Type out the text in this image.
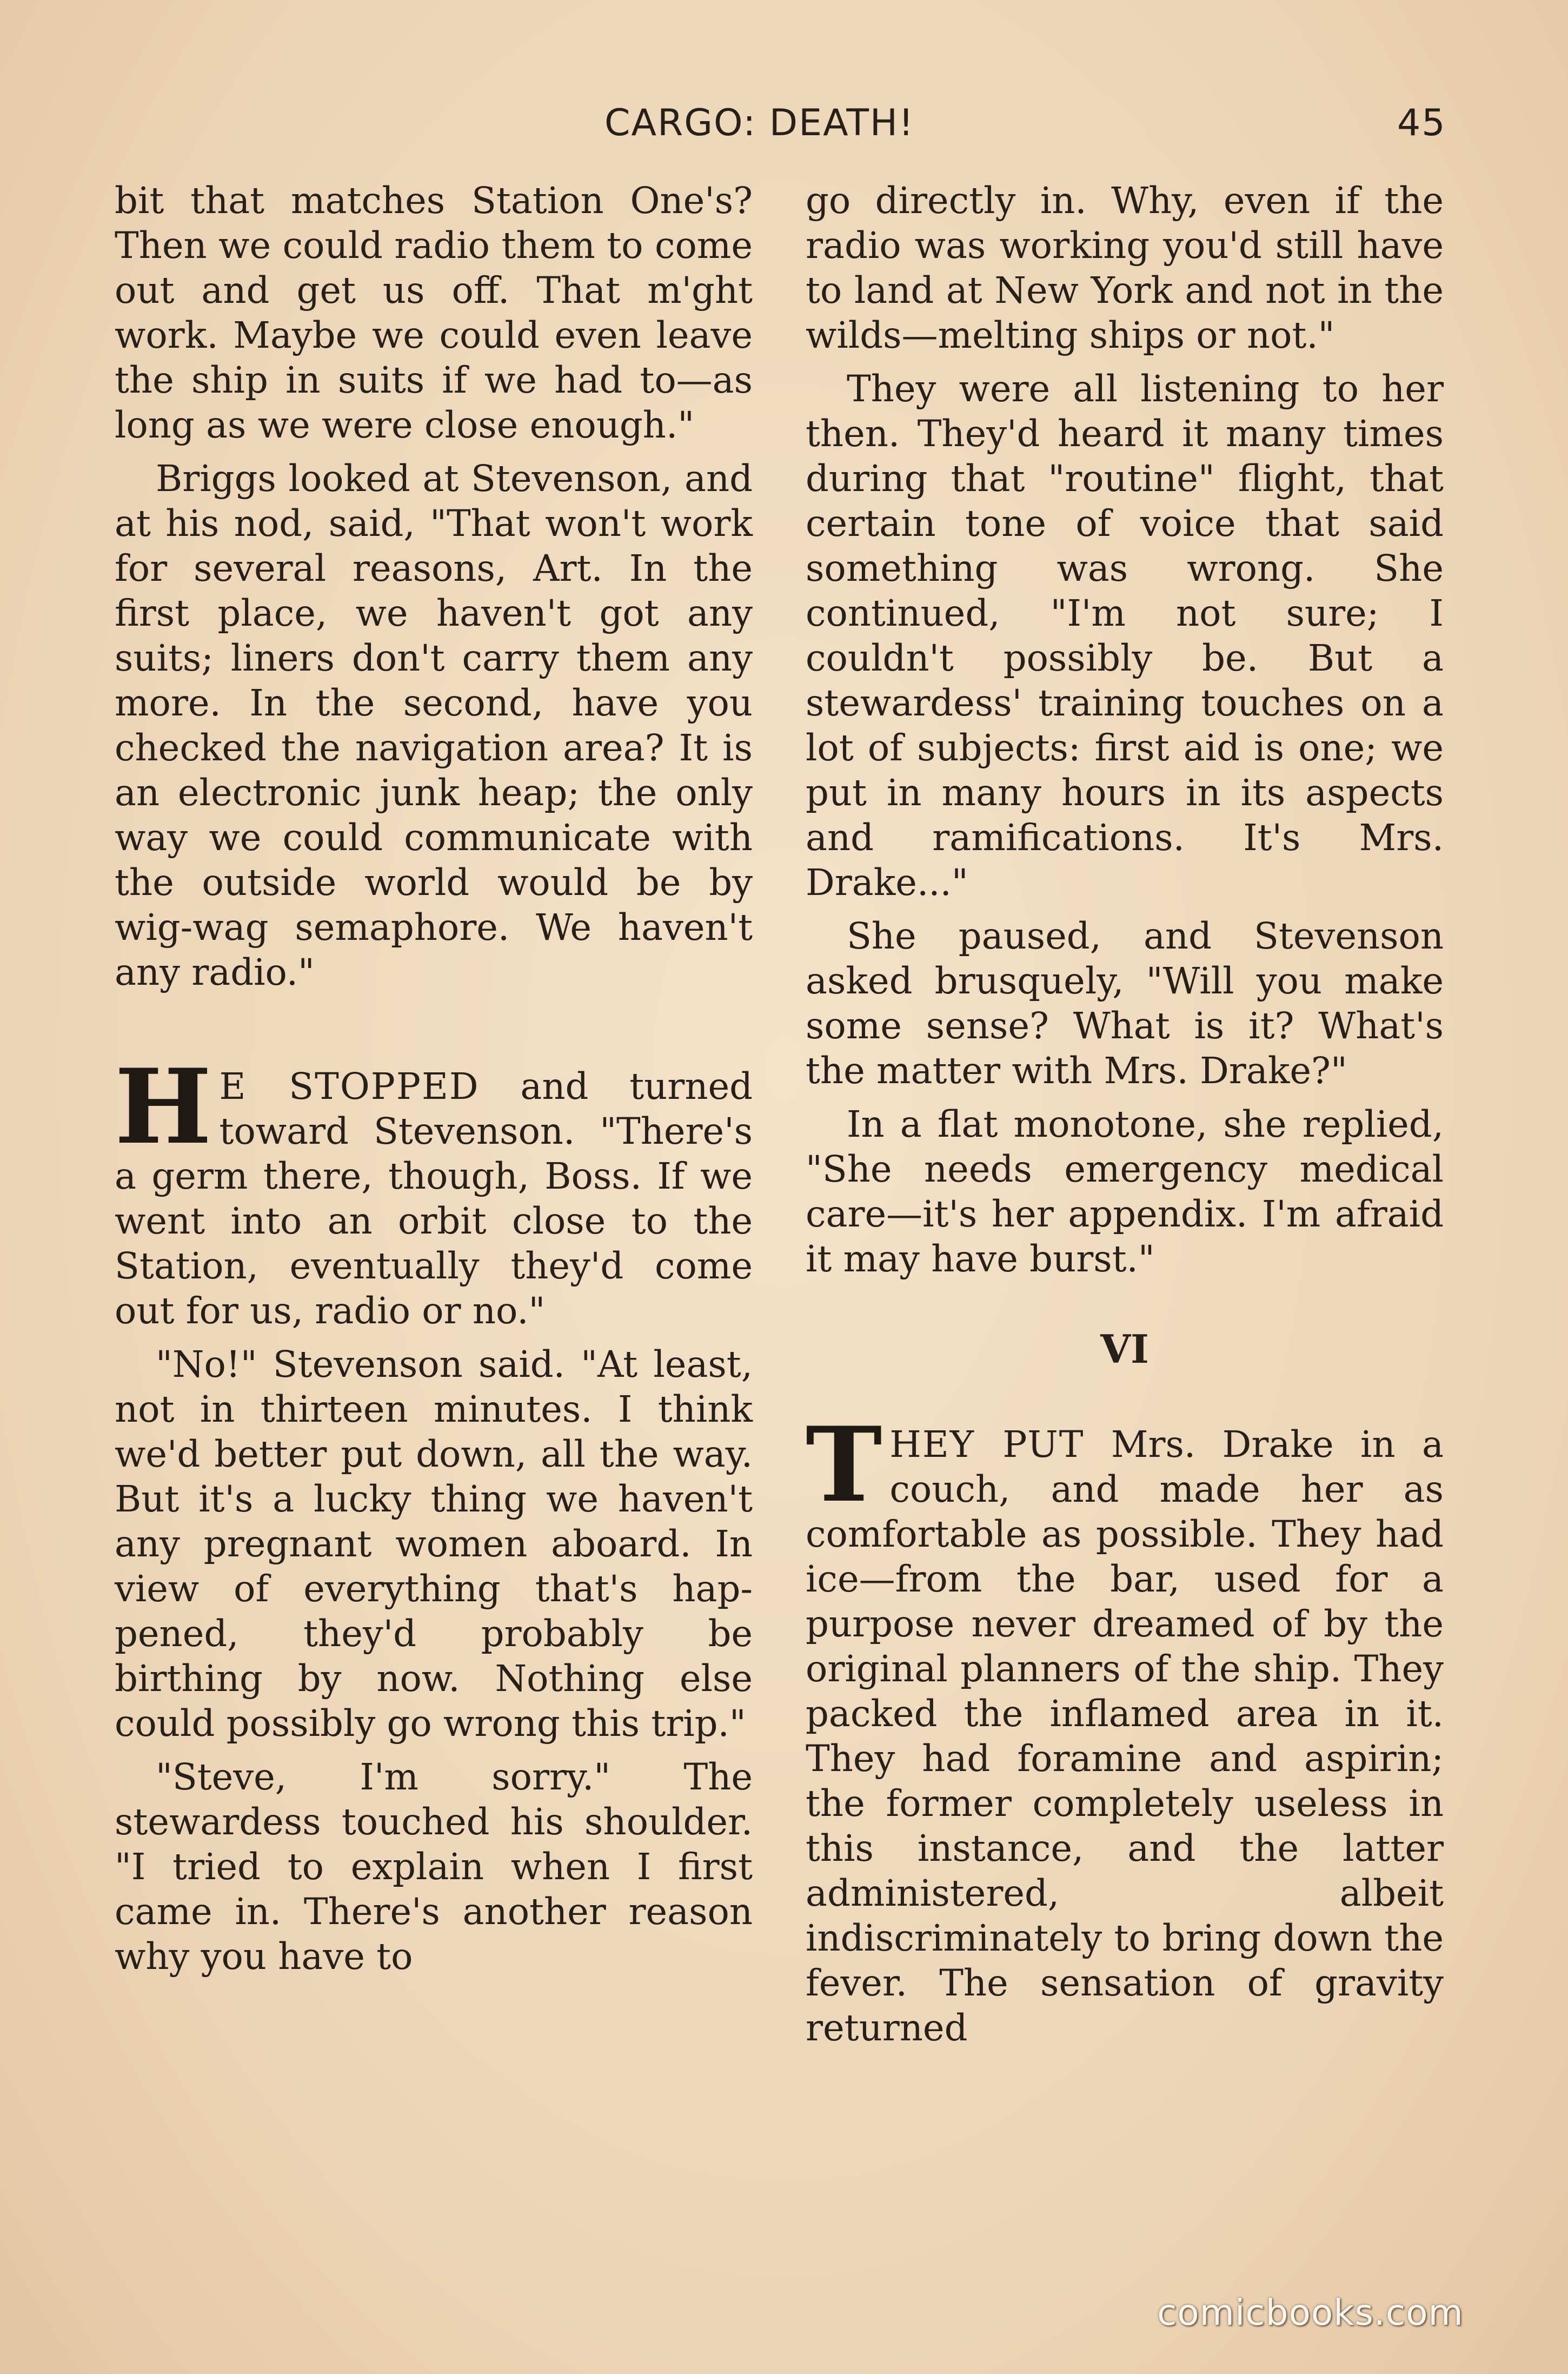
CARGO: DEATH!	45

bit that matches Station One's? Then we could radio them to come out and get us off. That m'ght work. Maybe we could even leave the ship in suits if we had to—as long as we were close enough."

Briggs looked at Stevenson, and at his nod, said, "That won't work for several reasons, Art. In the first place, we haven't got any suits; liners don't carry them any more. In the second, have you checked the navigation area? It is an electronic junk heap; the only way we could communicate with the outside world would be by wig-wag semaphore. We haven't any radio."

H E STOPPED and turned toward Stevenson. "There's a germ there, though, Boss. If we went into an orbit close to the Station, eventually they'd come out for us, radio or no."

"No!" Stevenson said. "At least, not in thirteen minutes. I think we'd better put down, all the way. But it's a lucky thing we haven't any pregnant women aboard. In view of everything that's happened, they'd probably be birthing by now. Nothing else could possibly go wrong this trip."

"Steve, I'm sorry." The stewardess touched his shoulder. "I tried to explain when I first came in. There's another reason why you have to

go directly in. Why, even if the radio was working you'd still have to land at New York and not in the wilds—melting ships or not."

They were all listening to her then. They'd heard it many times during that "routine" flight, that certain tone of voice that said something was wrong. She continued, "I'm not sure; I couldn't possibly be. But a stewardess' training touches on a lot of subjects: first aid is one; we put in many hours in its aspects and ramifications. It's Mrs. Drake..."

She paused, and Stevenson asked brusquely, "Will you make some sense? What is it? What's the matter with Mrs. Drake?"

In a flat monotone, she replied, "She needs emergency medical care—it's her appendix. I'm afraid it may have burst."

VI

THEY PUT Mrs. Drake in a couch, and made her as comfortable as possible. They had ice—from the bar, used for a purpose never dreamed of by the original planners of the ship. They packed the inflamed area in it. They had foramine and aspirin; the former completely useless in this instance, and the latter administered, albeit indiscriminately to bring down the fever. The sensation of gravity returned

comicbooks.com
